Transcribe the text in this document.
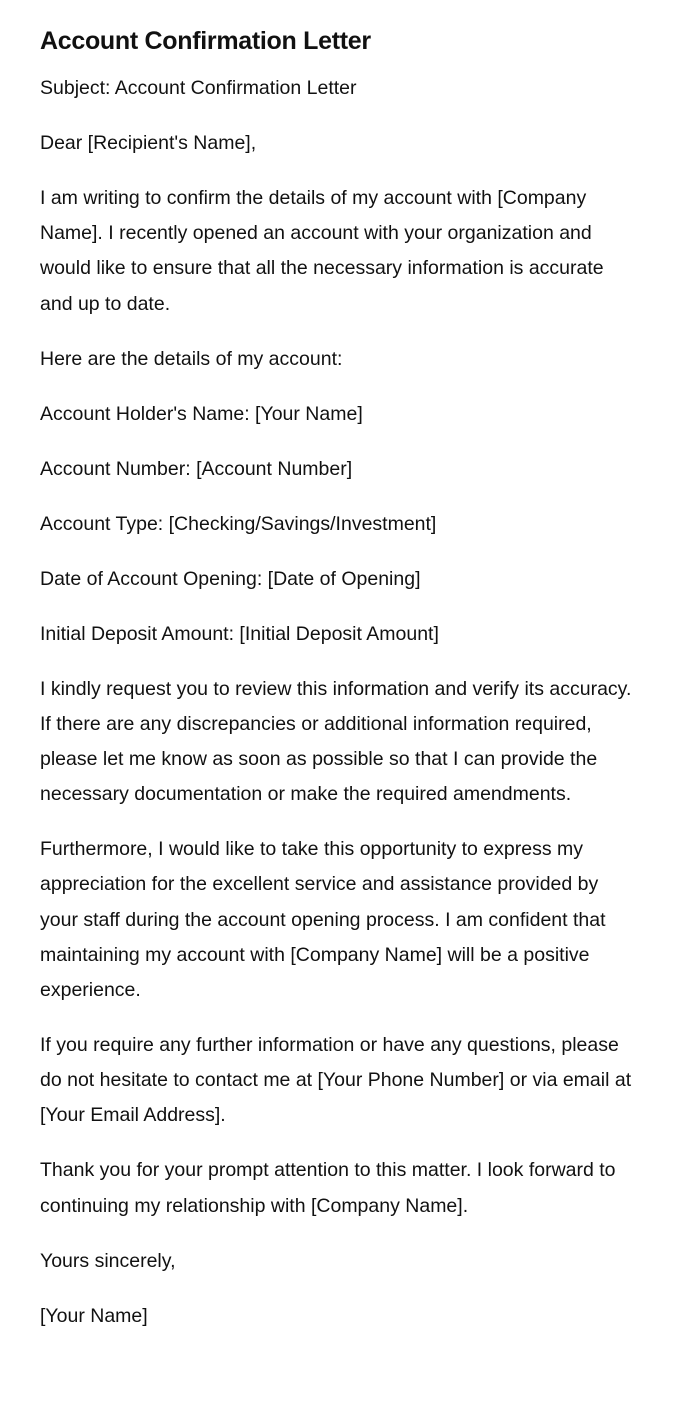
Account Confirmation Letter

Subject: Account Confirmation Letter

Dear [Recipient's Name],

I am writing to confirm the details of my account with [Company Name]. I recently opened an account with your organization and would like to ensure that all the necessary information is accurate and up to date.

Here are the details of my account:

Account Holder's Name: [Your Name]

Account Number: [Account Number]

Account Type: [Checking/Savings/Investment]

Date of Account Opening: [Date of Opening]

Initial Deposit Amount: [Initial Deposit Amount]

I kindly request you to review this information and verify its accuracy. If there are any discrepancies or additional information required, please let me know as soon as possible so that I can provide the necessary documentation or make the required amendments.

Furthermore, I would like to take this opportunity to express my appreciation for the excellent service and assistance provided by your staff during the account opening process. I am confident that maintaining my account with [Company Name] will be a positive experience.

If you require any further information or have any questions, please do not hesitate to contact me at [Your Phone Number] or via email at [Your Email Address].

Thank you for your prompt attention to this matter. I look forward to continuing my relationship with [Company Name].

Yours sincerely,

[Your Name]
